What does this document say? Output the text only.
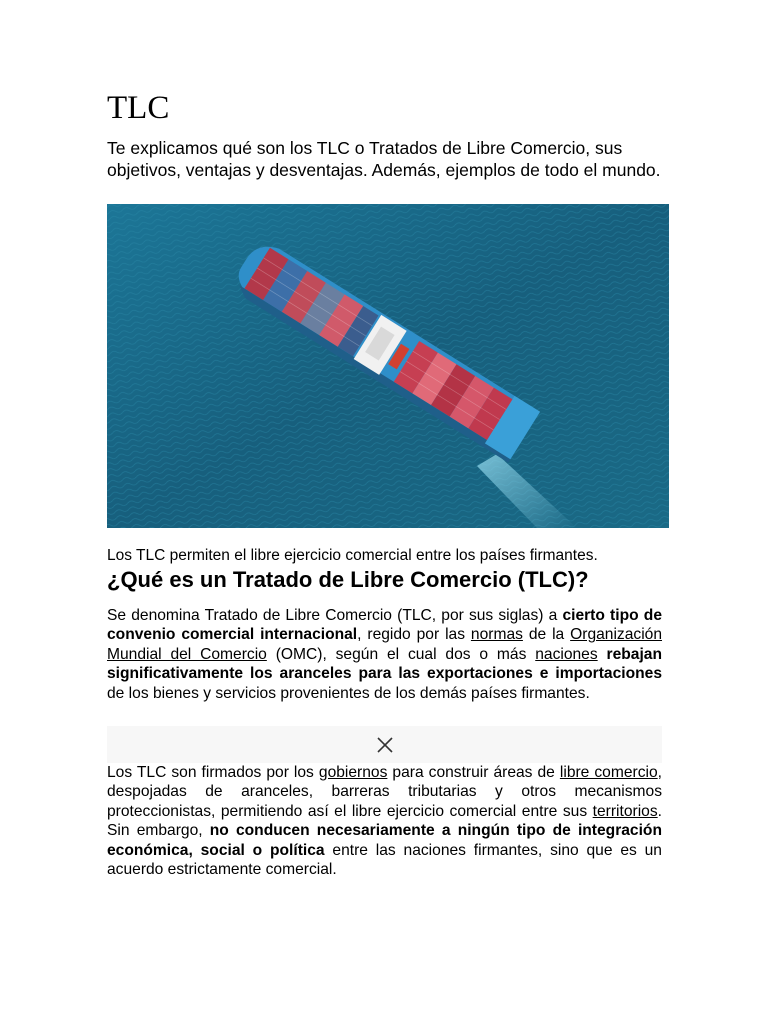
TLC

Te explicamos qué son los TLC o Tratados de Libre Comercio, sus objetivos, ventajas y desventajas. Además, ejemplos de todo el mundo.

Los TLC permiten el libre ejercicio comercial entre los países firmantes.

¿Qué es un Tratado de Libre Comercio (TLC)?

Se denomina Tratado de Libre Comercio (TLC, por sus siglas) a cierto tipo de convenio comercial internacional, regido por las normas de la Organización Mundial del Comercio (OMC), según el cual dos o más naciones rebajan significativamente los aranceles para las exportaciones e importaciones de los bienes y servicios provenientes de los demás países firmantes.

Los TLC son firmados por los gobiernos para construir áreas de libre comercio, despojadas de aranceles, barreras tributarias y otros mecanismos proteccionistas, permitiendo así el libre ejercicio comercial entre sus territorios. Sin embargo, no conducen necesariamente a ningún tipo de integración económica, social o política entre las naciones firmantes, sino que es un acuerdo estrictamente comercial.
